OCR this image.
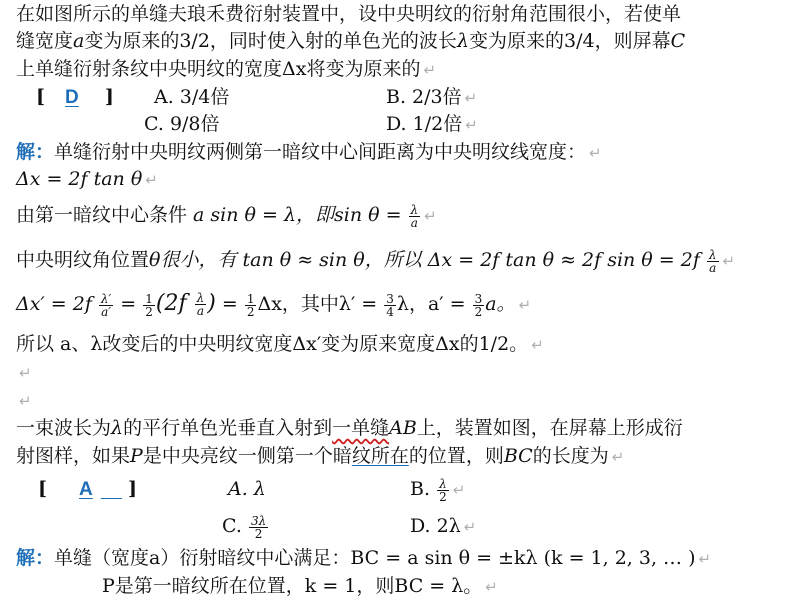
在如图所示的单缝夫琅禾费衍射装置中，设中央明纹的衍射角范围很小，若使单
缝宽度a变为原来的3/2，同时使入射的单色光的波长λ变为原来的3/4，则屏幕C
上单缝衍射条纹中央明纹的宽度Δx将变为原来的 ↵
[ D ] A. 3/4倍	B. 2/3倍 ↵
C. 9/8倍	D. 1/2倍 ↵
解：单缝衍射中央明纹两侧第一暗纹中心间距离为中央明纹线宽度： ↵
Δx = 2f tan θ ↵
由第一暗纹中心条件 a sin θ = λ，即$\sin \theta = \frac{\lambda}{a}$ ↵
中央明纹角位置θ很小，有 tan θ ≈ sin θ，所以 Δx = 2f tan θ ≈ 2f $\sin \theta = 2f \frac{\lambda}{a}$ ↵
$\Delta x' = 2f \frac{\lambda'}{a'} = \frac{1}{2} (2f \frac{\lambda}{a}$ ) = $\frac{1}{2}$ Δx，其中$\lambda' = \frac{3}{4}$ λ，$a' = \frac{3}{2}$ a。 ↵
所以 a、λ改变后的中央明纹宽度Δx′变为原来宽度Δx的1/2。 ↵
↵
↵
一束波长为λ的平行单色光垂直入射到一单缝AB上，装置如图，在屏幕上形成衍
射图样，如果P是中央亮纹一侧第一个暗纹所在的位置，则BC的长度为 ↵
[ A    ]	A. λ	B. $\frac{\lambda}{2}$ ↵
C. $\frac{3\lambda}{2}$	D. 2λ ↵
解：单缝（宽度a）衍射暗纹中心满足：BC = a sin θ = ±kλ (k = 1, 2, 3, … ) ↵
P是第一暗纹所在位置，k = 1，则BC = λ。 ↵
